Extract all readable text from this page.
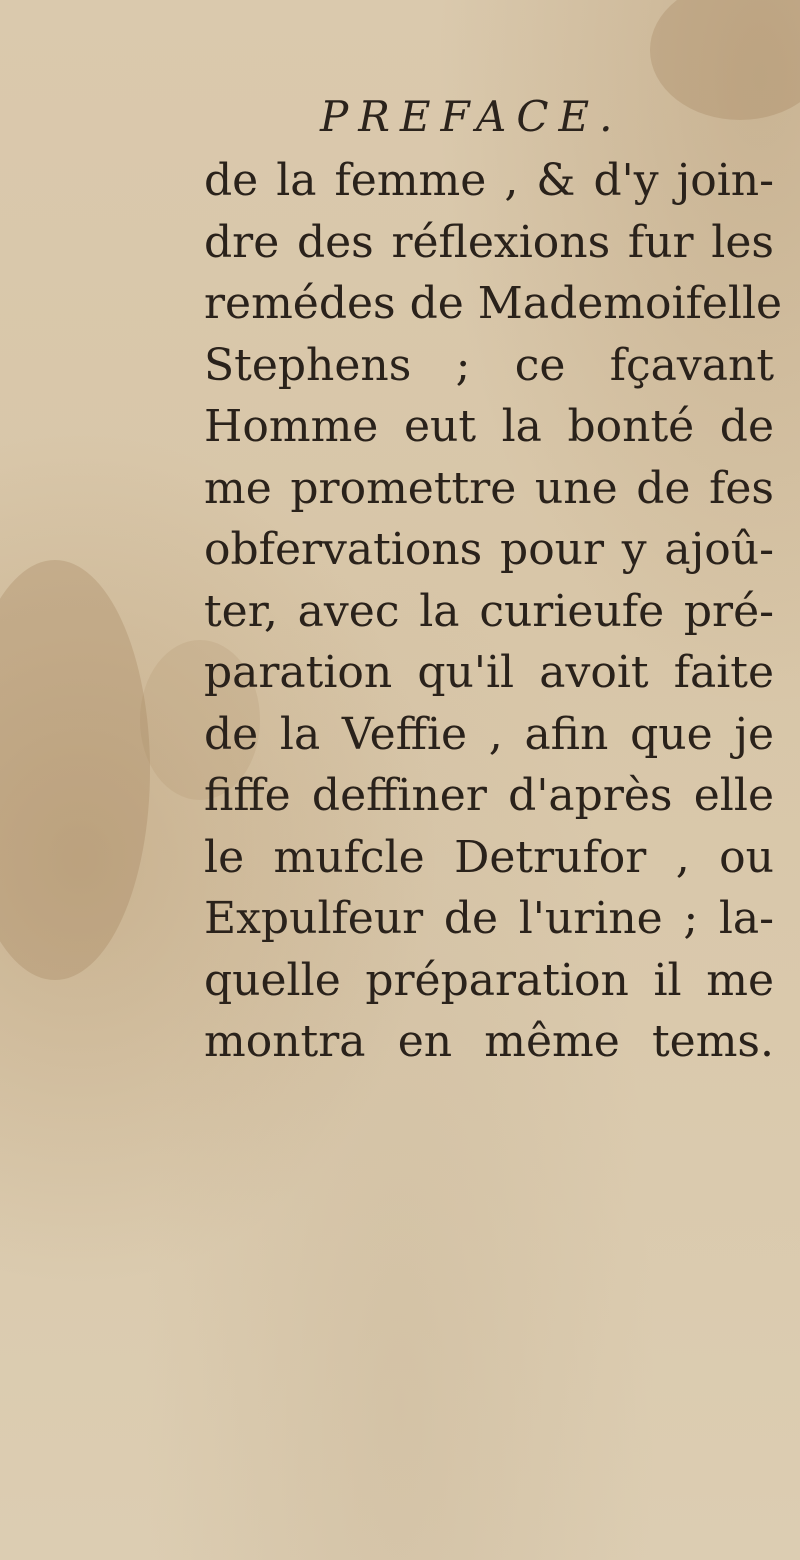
PREFACE.
de la femme , & d'y join-
dre des réflexions fur les
remédes de Mademoifelle
Stephens ; ce fçavant
Homme eut la bonté de
me promettre une de fes
obfervations pour y ajoû-
ter, avec la curieufe pré-
paration qu'il avoit faite
de la Veffie , afin que je
fiffe deffiner d'après elle
le mufcle Detrufor , ou
Expulfeur de l'urine ; la-
quelle préparation il me
montra en même tems.
